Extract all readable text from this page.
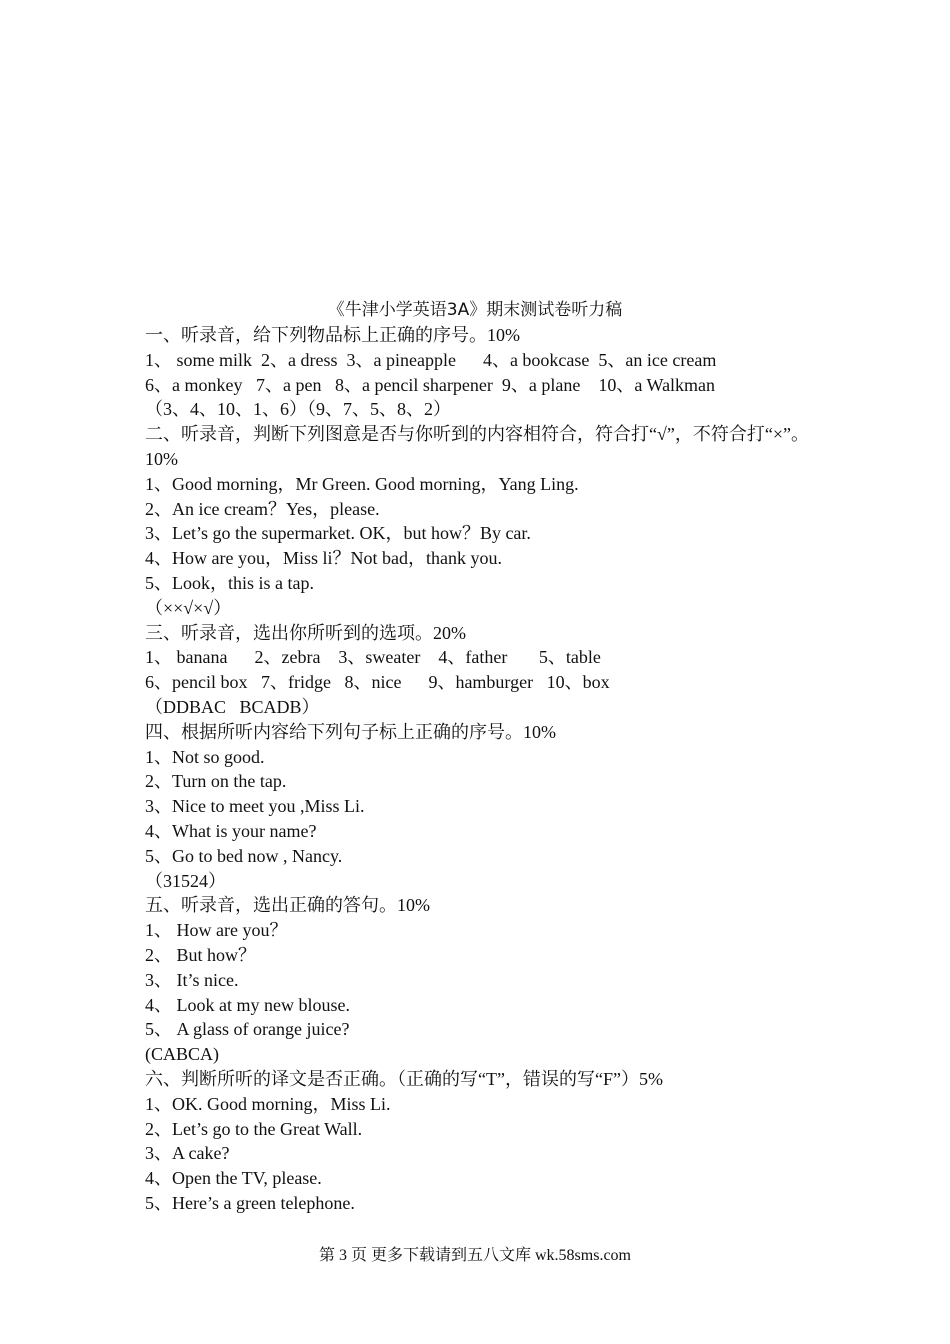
《牛津小学英语3A》期末测试卷听力稿
一、听录音，给下列物品标上正确的序号。10%
1、 some milk  2、a dress  3、a pineapple      4、a bookcase  5、an ice cream
6、a monkey   7、a pen   8、a pencil sharpener  9、a plane    10、a Walkman
（3、4、10、1、6）（9、7、5、8、2）
二、听录音，判断下列图意是否与你听到的内容相符合，符合打“√”，不符合打“×”。10%
1、Good morning，Mr Green. Good morning，Yang Ling.
2、An ice cream？Yes，please.
3、Let’s go the supermarket. OK，but how？By car.
4、How are you，Miss li？Not bad，thank you.
5、Look，this is a tap.
（××√×√）
三、听录音，选出你所听到的选项。20%
1、 banana      2、zebra    3、sweater    4、father       5、table
6、pencil box   7、fridge   8、nice      9、hamburger   10、box
（DDBAC   BCADB）
四、根据所听内容给下列句子标上正确的序号。10%
1、Not so good.
2、Turn on the tap.
3、Nice to meet you ,Miss Li.
4、What is your name?
5、Go to bed now , Nancy.
（31524）
五、听录音，选出正确的答句。10%
1、 How are you？
2、 But how？
3、 It’s nice.
4、 Look at my new blouse.
5、 A glass of orange juice?
(CABCA)
六、判断所听的译文是否正确。（正确的写“T”，错误的写“F”）5%
1、OK. Good morning，Miss Li.
2、Let’s go to the Great Wall.
3、A cake?
4、Open the TV, please.
5、Here’s a green telephone.
第 3 页 更多下载请到五八文库 wk.58sms.com
